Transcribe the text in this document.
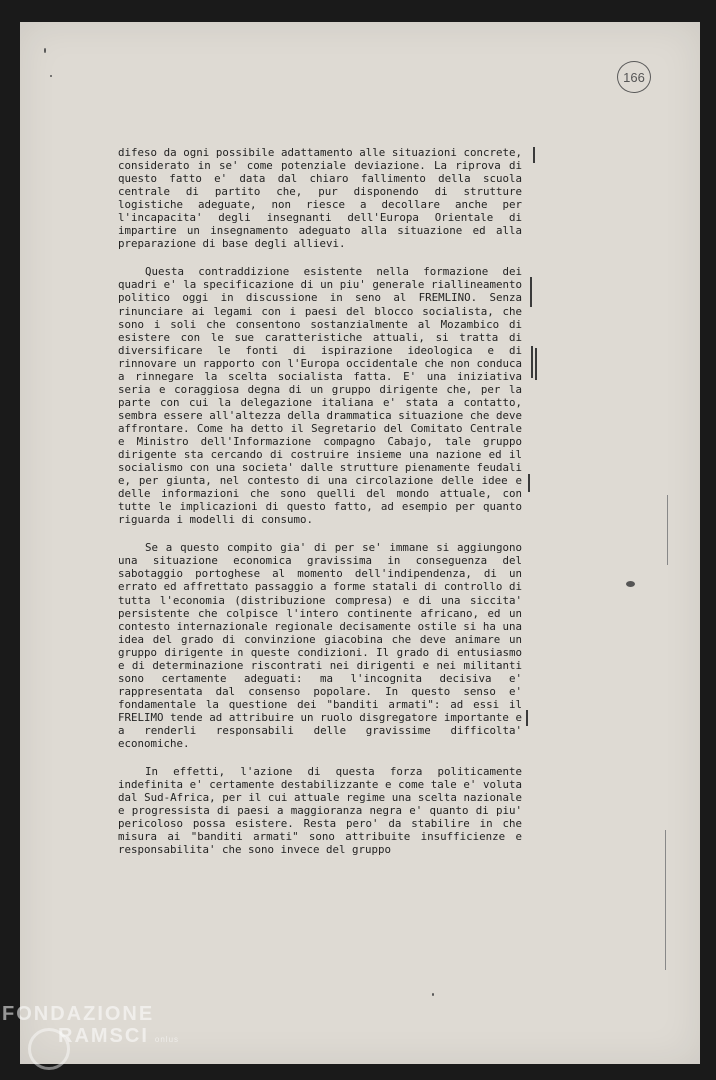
166

difeso da ogni possibile adattamento alle situazioni concrete, considerato in se' come potenziale deviazione. La riprova di questo fatto e' data dal chiaro fallimento della scuola centrale di partito che, pur disponendo di strutture logistiche adeguate, non riesce a decollare anche per l'incapacita' degli insegnanti dell'Europa Orientale di impartire un insegnamento adeguato alla situazione ed alla preparazione di base degli allievi.

Questa contraddizione esistente nella formazione dei quadri e' la specificazione di un piu' generale riallineamento politico oggi in discussione in seno al FREMLINO. Senza rinunciare ai legami con i paesi del blocco socialista, che sono i soli che consentono sostanzialmente al Mozambico di esistere con le sue caratteristiche attuali, si tratta di diversificare le fonti di ispirazione ideologica e di rinnovare un rapporto con l'Europa occidentale che non conduca a rinnegare la scelta socialista fatta. E' una iniziativa seria e coraggiosa degna di un gruppo dirigente che, per la parte con cui la delegazione italiana e' stata a contatto, sembra essere all'altezza della drammatica situazione che deve affrontare. Come ha detto il Segretario del Comitato Centrale e Ministro dell'Informazione compagno Cabajo, tale gruppo dirigente sta cercando di costruire insieme una nazione ed il socialismo con una societa' dalle strutture pienamente feudali e, per giunta, nel contesto di una circolazione delle idee e delle informazioni che sono quelli del mondo attuale, con tutte le implicazioni di questo fatto, ad esempio per quanto riguarda i modelli di consumo.

Se a questo compito gia' di per se' immane si aggiungono una situazione economica gravissima in conseguenza del sabotaggio portoghese al momento dell'indipendenza, di un errato ed affrettato passaggio a forme statali di controllo di tutta l'economia (distribuzione compresa) e di una siccita' persistente che colpisce l'intero continente africano, ed un contesto internazionale regionale decisamente ostile si ha una idea del grado di convinzione giacobina che deve animare un gruppo dirigente in queste condizioni. Il grado di entusiasmo e di determinazione riscontrati nei dirigenti e nei militanti sono certamente adeguati: ma l'incognita decisiva e' rappresentata dal consenso popolare. In questo senso e' fondamentale la questione dei "banditi armati": ad essi il FRELIMO tende ad attribuire un ruolo disgregatore importante e a renderli responsabili delle gravissime difficolta' economiche.

In effetti, l'azione di questa forza politicamente indefinita e' certamente destabilizzante e come tale e' voluta dal Sud-Africa, per il cui attuale regime una scelta nazionale e progressista di paesi a maggioranza negra e' quanto di piu' pericoloso possa esistere. Resta pero' da stabilire in che misura ai "banditi armati" sono attribuite insufficienze e responsabilita' che sono invece del gruppo

FONDAZIONE
RAMSCI onlus
